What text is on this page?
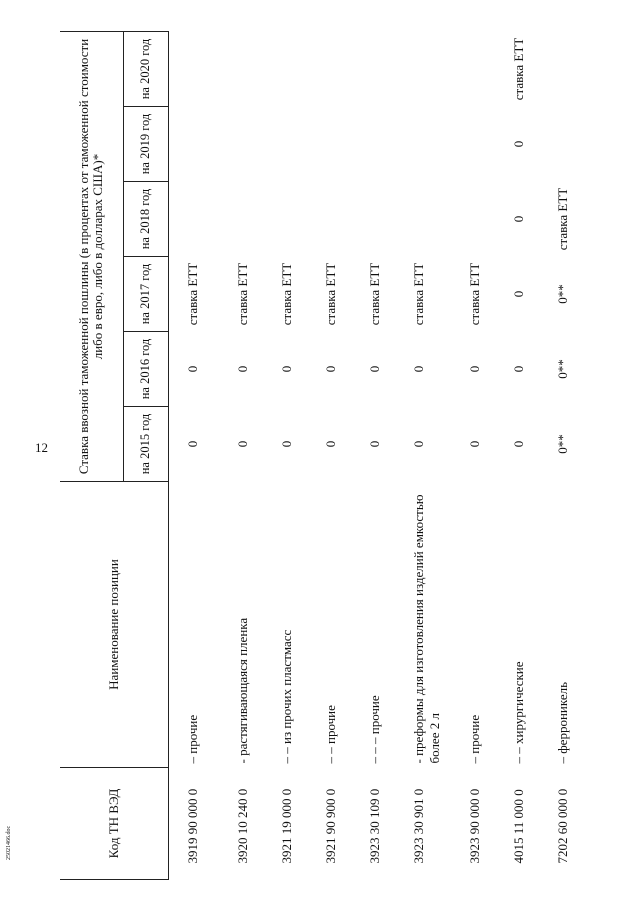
12
25021466.doc	Код ТН ВЭД	Наименование позиции	Ставка ввозной таможенной пошлины (в процентах от таможенной стоимости либо в евро, либо в долларах США)*					
		на 2015 год	на 2016 год	на 2017 год	на 2018 год	на 2019 год	на 2020 год
3919 90 000 0	– прочие	0	0	ставка ЕТТ			
3920 10 240 0	- растягивающаяся пленка	0	0	ставка ЕТТ			
3921 19 000 0	– – из прочих пластмасс	0	0	ставка ЕТТ			
3921 90 900 0	– – прочие	0	0	ставка ЕТТ			
3923 30 109 0	– – – прочие	0	0	ставка ЕТТ			
3923 30 901 0	- преформы для изготовления изделий емкостью более 2 л	0	0	ставка ЕТТ			
3923 90 000 0	– прочие	0	0	ставка ЕТТ			
4015 11 000 0	– – хирургические	0	0	0	0	0	ставка ЕТТ
7202 60 000 0	– ферроникель	0**	0**	0**	ставка ЕТТ		
